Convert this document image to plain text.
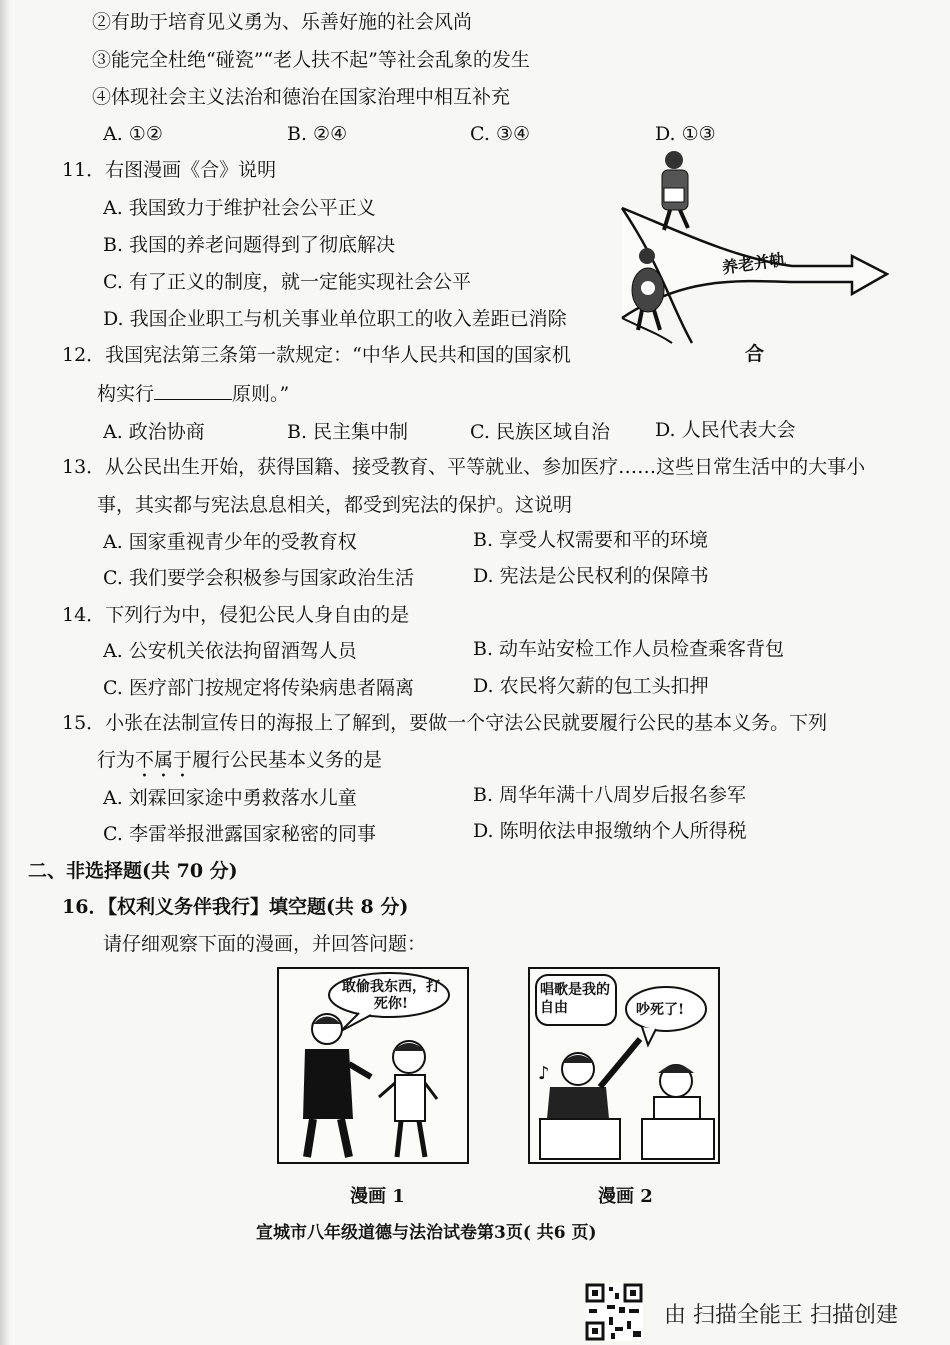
②有助于培育见义勇为、乐善好施的社会风尚
③能完全杜绝“碰瓷”“老人扶不起”等社会乱象的发生
④体现社会主义法治和德治在国家治理中相互补充
A. ①②	B. ②④	C. ③④	D. ①③
11．右图漫画《合》说明
A. 我国致力于维护社会公平正义
B. 我国的养老问题得到了彻底解决
C. 有了正义的制度，就一定能实现社会公平
D. 我国企业职工与机关事业单位职工的收入差距已消除
养老并轨
合
12．我国宪法第三条第一款规定：“中华人民共和国的国家机
构实行	原则。”
A. 政治协商	B. 民主集中制	C. 民族区域自治 D. 人民代表大会
13．从公民出生开始，获得国籍、接受教育、平等就业、参加医疗……这些日常生活中的大事小
事，其实都与宪法息息相关，都受到宪法的保护。这说明
A. 国家重视青少年的受教育权	B. 享受人权需要和平的环境
C. 我们要学会积极参与国家政治生活	D. 宪法是公民权利的保障书
14．下列行为中，侵犯公民人身自由的是
A. 公安机关依法拘留酒驾人员	B. 动车站安检工作人员检查乘客背包
C. 医疗部门按规定将传染病患者隔离	D. 农民将欠薪的包工头扣押
15．小张在法制宣传日的海报上了解到，要做一个守法公民就要履行公民的基本义务。下列
行为不属于履行公民基本义务的是
A. 刘霖回家途中勇救落水儿童	B. 周华年满十八周岁后报名参军
C. 李雷举报泄露国家秘密的同事	D. 陈明依法申报缴纳个人所得税
二、非选择题(共 70 分)
16．【权利义务伴我行】填空题(共 8 分)
请仔细观察下面的漫画，并回答问题：
敢偷我东西，打死你!
漫画 1
♪
唱歌是我的自由	吵死了!
漫画 2
宣城市八年级道德与法治试卷第3页( 共6 页)
由 扫描全能王 扫描创建
